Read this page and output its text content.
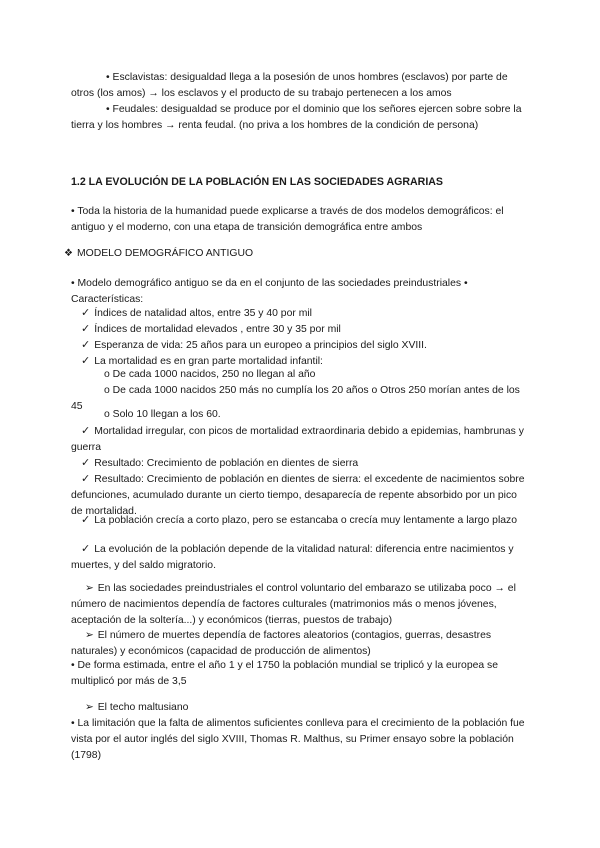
• Esclavistas: desigualdad llega a la posesión de unos hombres (esclavos) por parte de otros (los amos) → los esclavos y el producto de su trabajo pertenecen a los amos

• Feudales: desigualdad se produce por el dominio que los señores ejercen sobre sobre la tierra y los hombres → renta feudal. (no priva a los hombres de la condición de persona)

1.2 LA EVOLUCIÓN DE LA POBLACIÓN EN LAS SOCIEDADES AGRARIAS

• Toda la historia de la humanidad puede explicarse a través de dos modelos demográficos: el antiguo y el moderno, con una etapa de transición demográfica entre ambos

❖ MODELO DEMOGRÁFICO ANTIGUO

• Modelo demográfico antiguo se da en el conjunto de las sociedades preindustriales • Características:

✓ Índices de natalidad altos, entre 35 y 40 por mil

✓ Índices de mortalidad elevados , entre 30 y 35 por mil

✓ Esperanza de vida: 25 años para un europeo a principios del siglo XVIII.

✓ La mortalidad es en gran parte mortalidad infantil:

o De cada 1000 nacidos, 250 no llegan al año

o De cada 1000 nacidos 250 más no cumplía los 20 años o Otros 250 morían antes de los 45

o Solo 10 llegan a los 60.

✓ Mortalidad irregular, con picos de mortalidad extraordinaria debido a epidemias, hambrunas y guerra

✓ Resultado: Crecimiento de población en dientes de sierra

✓ Resultado: Crecimiento de población en dientes de sierra: el excedente de nacimientos sobre defunciones, acumulado durante un cierto tiempo, desaparecía de repente absorbido por un pico de mortalidad.

✓ La población crecía a corto plazo, pero se estancaba o crecía muy lentamente a largo plazo

✓ La evolución de la población depende de la vitalidad natural: diferencia entre nacimientos y muertes, y del saldo migratorio.

➢ En las sociedades preindustriales el control voluntario del embarazo se utilizaba poco → el número de nacimientos dependía de factores culturales (matrimonios más o menos jóvenes, aceptación de la soltería...) y económicos (tierras, puestos de trabajo)

➢ El número de muertes dependía de factores aleatorios (contagios, guerras, desastres naturales) y económicos (capacidad de producción de alimentos)

• De forma estimada, entre el año 1 y el 1750 la población mundial se triplicó y la europea se multiplicó por más de 3,5

➢ El techo maltusiano

• La limitación que la falta de alimentos suficientes conlleva para el crecimiento de la población fue vista por el autor inglés del siglo XVIII, Thomas R. Malthus, su Primer ensayo sobre la población (1798)
